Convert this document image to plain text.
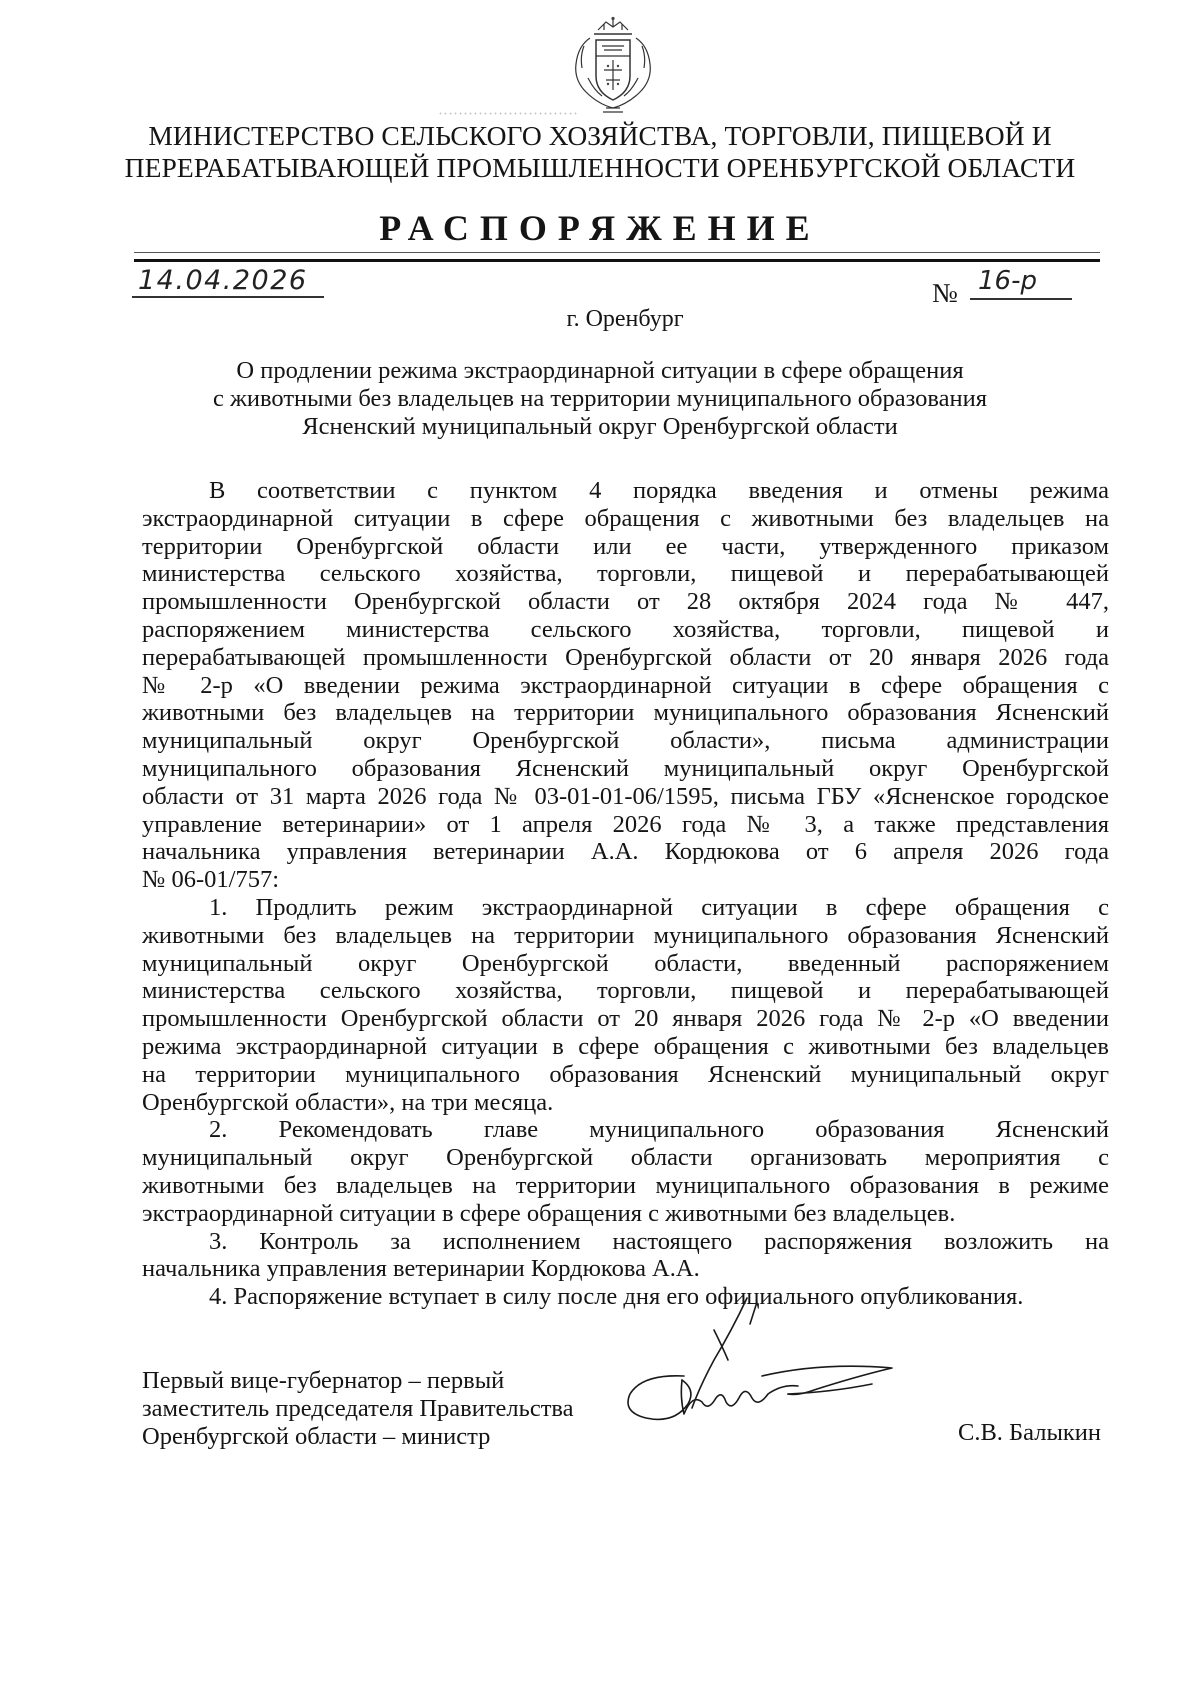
МИНИСТЕРСТВО СЕЛЬСКОГО ХОЗЯЙСТВА, ТОРГОВЛИ, ПИЩЕВОЙ И

ПЕРЕРАБАТЫВАЮЩЕЙ ПРОМЫШЛЕННОСТИ ОРЕНБУРГСКОЙ ОБЛАСТИ

РАСПОРЯЖЕНИЕ

14.04.2026	№ 16-р
г. Оренбург
О продлении режима экстраординарной ситуации в сфере обращения
с животными без владельцев на территории муниципального образования
Ясненский муниципальный округ Оренбургской области
В соответствии с пунктом 4 порядка введения и отмены режима
экстраординарной ситуации в сфере обращения с животными без владельцев на
территории Оренбургской области или ее части, утвержденного приказом
министерства сельского хозяйства, торговли, пищевой и перерабатывающей
промышленности Оренбургской области от 28 октября 2024 года № 447,
распоряжением министерства сельского хозяйства, торговли, пищевой и
перерабатывающей промышленности Оренбургской области от 20 января 2026 года
№ 2-р «О введении режима экстраординарной ситуации в сфере обращения с
животными без владельцев на территории муниципального образования Ясненский
муниципальный округ Оренбургской области», письма администрации
муниципального образования Ясненский муниципальный округ Оренбургской
области от 31 марта 2026 года № 03-01-01-06/1595, письма ГБУ «Ясненское городское
управление ветеринарии» от 1 апреля 2026 года № 3, а также представления
начальника управления ветеринарии А.А. Кордюкова от 6 апреля 2026 года
№ 06-01/757:
1. Продлить режим экстраординарной ситуации в сфере обращения с
животными без владельцев на территории муниципального образования Ясненский
муниципальный округ Оренбургской области, введенный распоряжением
министерства сельского хозяйства, торговли, пищевой и перерабатывающей
промышленности Оренбургской области от 20 января 2026 года № 2-р «О введении
режима экстраординарной ситуации в сфере обращения с животными без владельцев
на территории муниципального образования Ясненский муниципальный округ
Оренбургской области», на три месяца.
2. Рекомендовать главе муниципального образования Ясненский
муниципальный округ Оренбургской области организовать мероприятия с
животными без владельцев на территории муниципального образования в режиме
экстраординарной ситуации в сфере обращения с животными без владельцев.
3. Контроль за исполнением настоящего распоряжения возложить на
начальника управления ветеринарии Кордюкова А.А.
4. Распоряжение вступает в силу после дня его официального опубликования.
Первый вице-губернатор – первый
заместитель председателя Правительства
Оренбургской области – министр	С.В. Балыкин
